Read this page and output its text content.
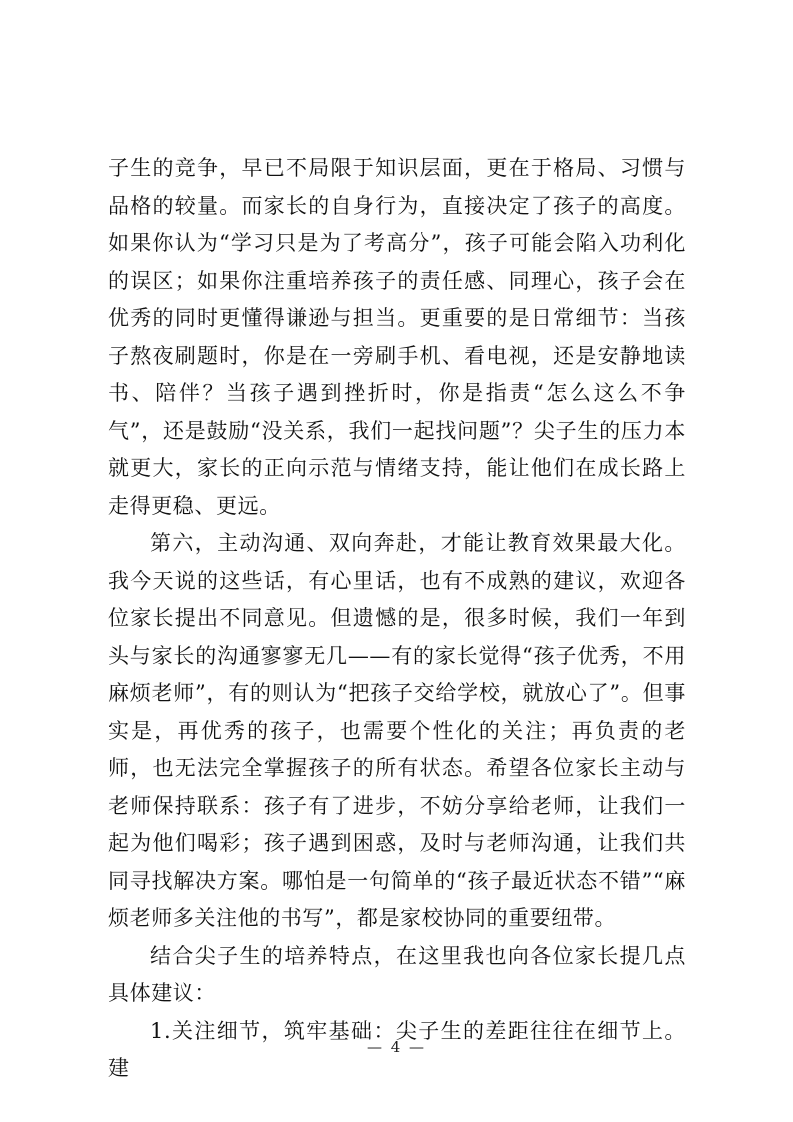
子生的竞争，早已不局限于知识层面，更在于格局、习惯与品格的较量。而家长的自身行为，直接决定了孩子的高度。如果你认为“学习只是为了考高分”，孩子可能会陷入功利化的误区；如果你注重培养孩子的责任感、同理心，孩子会在优秀的同时更懂得谦逊与担当。更重要的是日常细节：当孩子熬夜刷题时，你是在一旁刷手机、看电视，还是安静地读书、陪伴？当孩子遇到挫折时，你是指责“怎么这么不争气”，还是鼓励“没关系，我们一起找问题”？尖子生的压力本就更大，家长的正向示范与情绪支持，能让他们在成长路上走得更稳、更远。

第六，主动沟通、双向奔赴，才能让教育效果最大化。我今天说的这些话，有心里话，也有不成熟的建议，欢迎各位家长提出不同意见。但遗憾的是，很多时候，我们一年到头与家长的沟通寥寥无几——有的家长觉得“孩子优秀，不用麻烦老师”，有的则认为“把孩子交给学校，就放心了”。但事实是，再优秀的孩子，也需要个性化的关注；再负责的老师，也无法完全掌握孩子的所有状态。希望各位家长主动与老师保持联系：孩子有了进步，不妨分享给老师，让我们一起为他们喝彩；孩子遇到困惑，及时与老师沟通，让我们共同寻找解决方案。哪怕是一句简单的“孩子最近状态不错”“麻烦老师多关注他的书写”，都是家校协同的重要纽带。

结合尖子生的培养特点，在这里我也向各位家长提几点具体建议：

1.关注细节，筑牢基础：尖子生的差距往往在细节上。建

— 4 —
